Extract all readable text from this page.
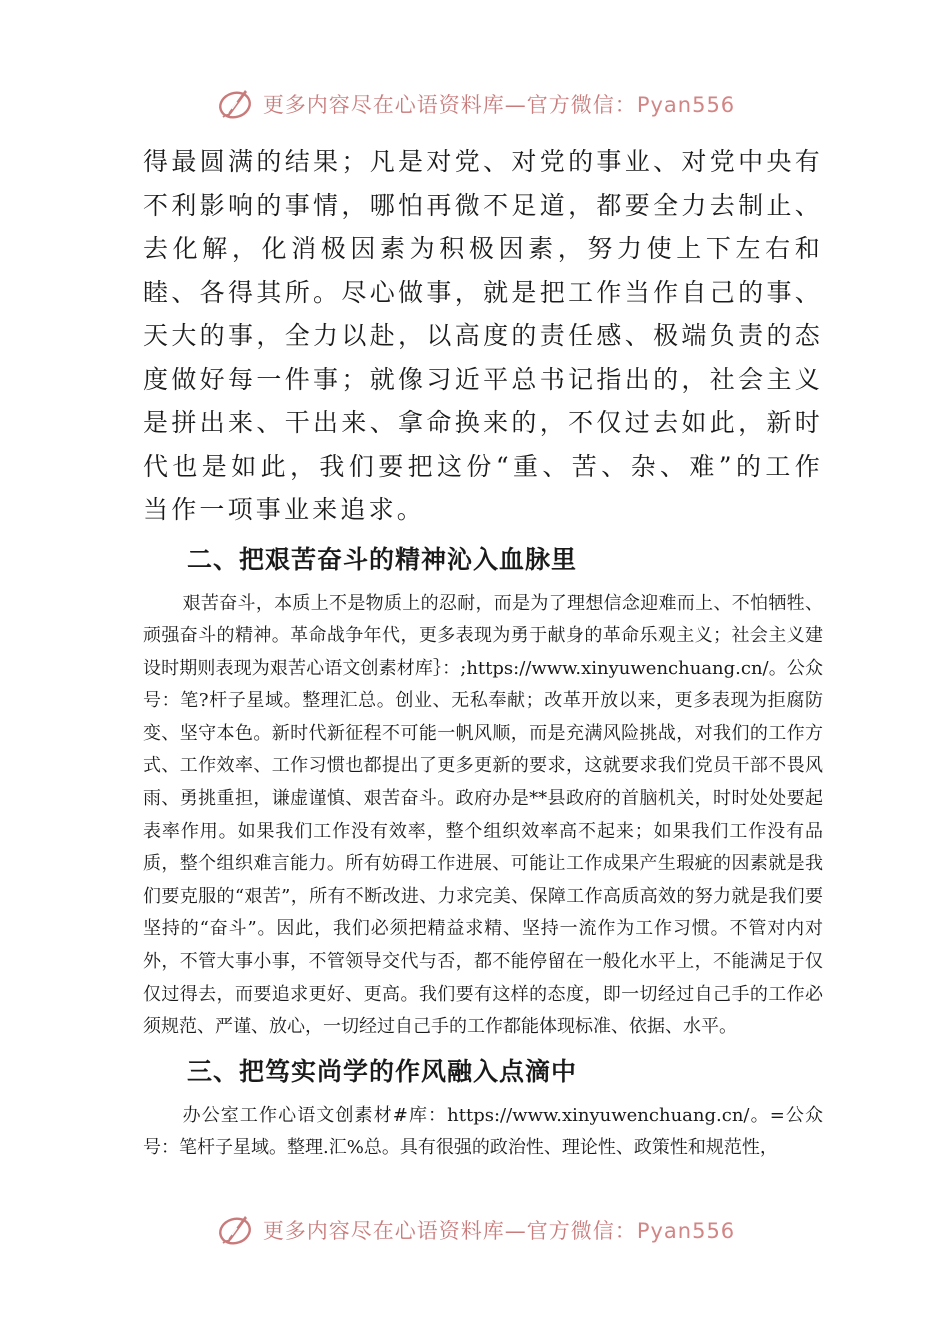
更多内容尽在心语资料库—官方微信：Pyan556

得最圆满的结果；凡是对党、对党的事业、对党中央有不利影响的事情，哪怕再微不足道，都要全力去制止、去化解，化消极因素为积极因素，努力使上下左右和睦、各得其所。尽心做事，就是把工作当作自己的事、天大的事，全力以赴，以高度的责任感、极端负责的态度做好每一件事；就像习近平总书记指出的，社会主义是拼出来、干出来、拿命换来的，不仅过去如此，新时代也是如此，我们要把这份“重、苦、杂、难”的工作当作一项事业来追求。

二、把艰苦奋斗的精神沁入血脉里

艰苦奋斗，本质上不是物质上的忍耐，而是为了理想信念迎难而上、不怕牺牲、顽强奋斗的精神。革命战争年代，更多表现为勇于献身的革命乐观主义；社会主义建设时期则表现为艰苦心语文创素材库｝：;https://www.xinyuwenchuang.cn/。公众号：笔?杆子星域。整理汇总。创业、无私奉献；改革开放以来，更多表现为拒腐防变、坚守本色。新时代新征程不可能一帆风顺，而是充满风险挑战，对我们的工作方式、工作效率、工作习惯也都提出了更多更新的要求，这就要求我们党员干部不畏风雨、勇挑重担，谦虚谨慎、艰苦奋斗。政府办是**县政府的首脑机关，时时处处要起表率作用。如果我们工作没有效率，整个组织效率高不起来；如果我们工作没有品质，整个组织难言能力。所有妨碍工作进展、可能让工作成果产生瑕疵的因素就是我们要克服的“艰苦”，所有不断改进、力求完美、保障工作高质高效的努力就是我们要坚持的“奋斗”。因此，我们必须把精益求精、坚持一流作为工作习惯。不管对内对外，不管大事小事，不管领导交代与否，都不能停留在一般化水平上，不能满足于仅仅过得去，而要追求更好、更高。我们要有这样的态度，即一切经过自己手的工作必须规范、严谨、放心，一切经过自己手的工作都能体现标准、依据、水平。

三、把笃实尚学的作风融入点滴中

办公室工作心语文创素材#库：https://www.xinyuwenchuang.cn/。=公众号：笔杆子星域。整理.汇%总。具有很强的政治性、理论性、政策性和规范性，

更多内容尽在心语资料库—官方微信：Pyan556
